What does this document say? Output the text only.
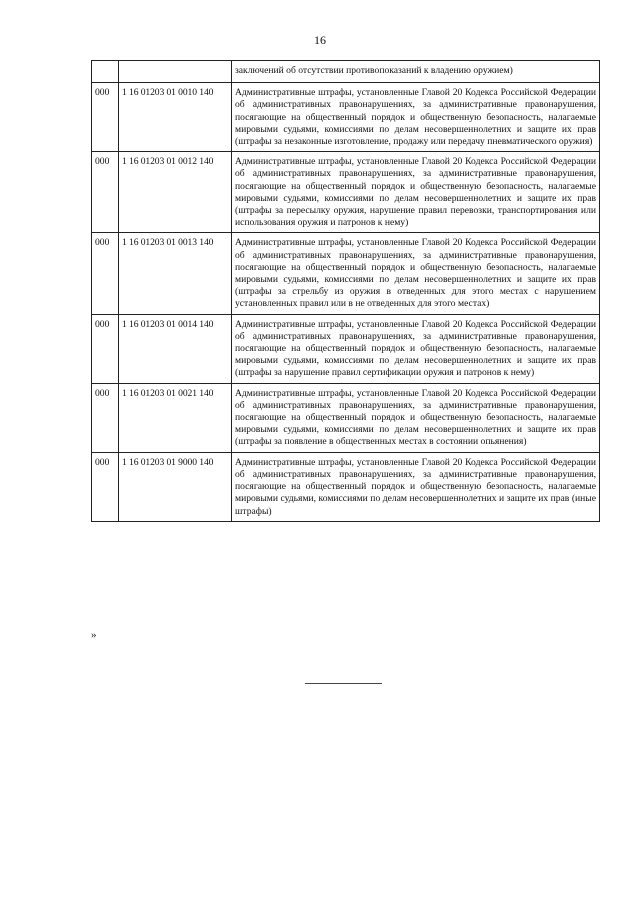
16
		заключений об отсутствии противопоказаний к владению оружием)
000	1 16 01203 01 0010 140	Административные штрафы, установленные Главой 20 Кодекса Российской Федерации об административных правонарушениях, за административные правонарушения, посягающие на общественный порядок и общественную безопасность, налагаемые мировыми судьями, комиссиями по делам несовершеннолетних и защите их прав (штрафы за незаконные изготовление, продажу или передачу пневматического оружия)
000	1 16 01203 01 0012 140	Административные штрафы, установленные Главой 20 Кодекса Российской Федерации об административных правонарушениях, за административные правонарушения, посягающие на общественный порядок и общественную безопасность, налагаемые мировыми судьями, комиссиями по делам несовершеннолетних и защите их прав (штрафы за пересылку оружия, нарушение правил перевозки, транспортирования или использования оружия и патронов к нему)
000	1 16 01203 01 0013 140	Административные штрафы, установленные Главой 20 Кодекса Российской Федерации об административных правонарушениях, за административные правонарушения, посягающие на общественный порядок и общественную безопасность, налагаемые мировыми судьями, комиссиями по делам несовершеннолетних и защите их прав (штрафы за стрельбу из оружия в отведенных для этого местах с нарушением установленных правил или в не отведенных для этого местах)
000	1 16 01203 01 0014 140	Административные штрафы, установленные Главой 20 Кодекса Российской Федерации об административных правонарушениях, за административные правонарушения, посягающие на общественный порядок и общественную безопасность, налагаемые мировыми судьями, комиссиями по делам несовершеннолетних и защите их прав (штрафы за нарушение правил сертификации оружия и патронов к нему)
000	1 16 01203 01 0021 140	Административные штрафы, установленные Главой 20 Кодекса Российской Федерации об административных правонарушениях, за административные правонарушения, посягающие на общественный порядок и общественную безопасность, налагаемые мировыми судьями, комиссиями по делам несовершеннолетних и защите их прав (штрафы за появление в общественных местах в состоянии опьянения)
000	1 16 01203 01 9000 140	Административные штрафы, установленные Главой 20 Кодекса Российской Федерации об административных правонарушениях, за административные правонарушения, посягающие на общественный порядок и общественную безопасность, налагаемые мировыми судьями, комиссиями по делам несовершеннолетних и защите их прав (иные штрафы)
»
